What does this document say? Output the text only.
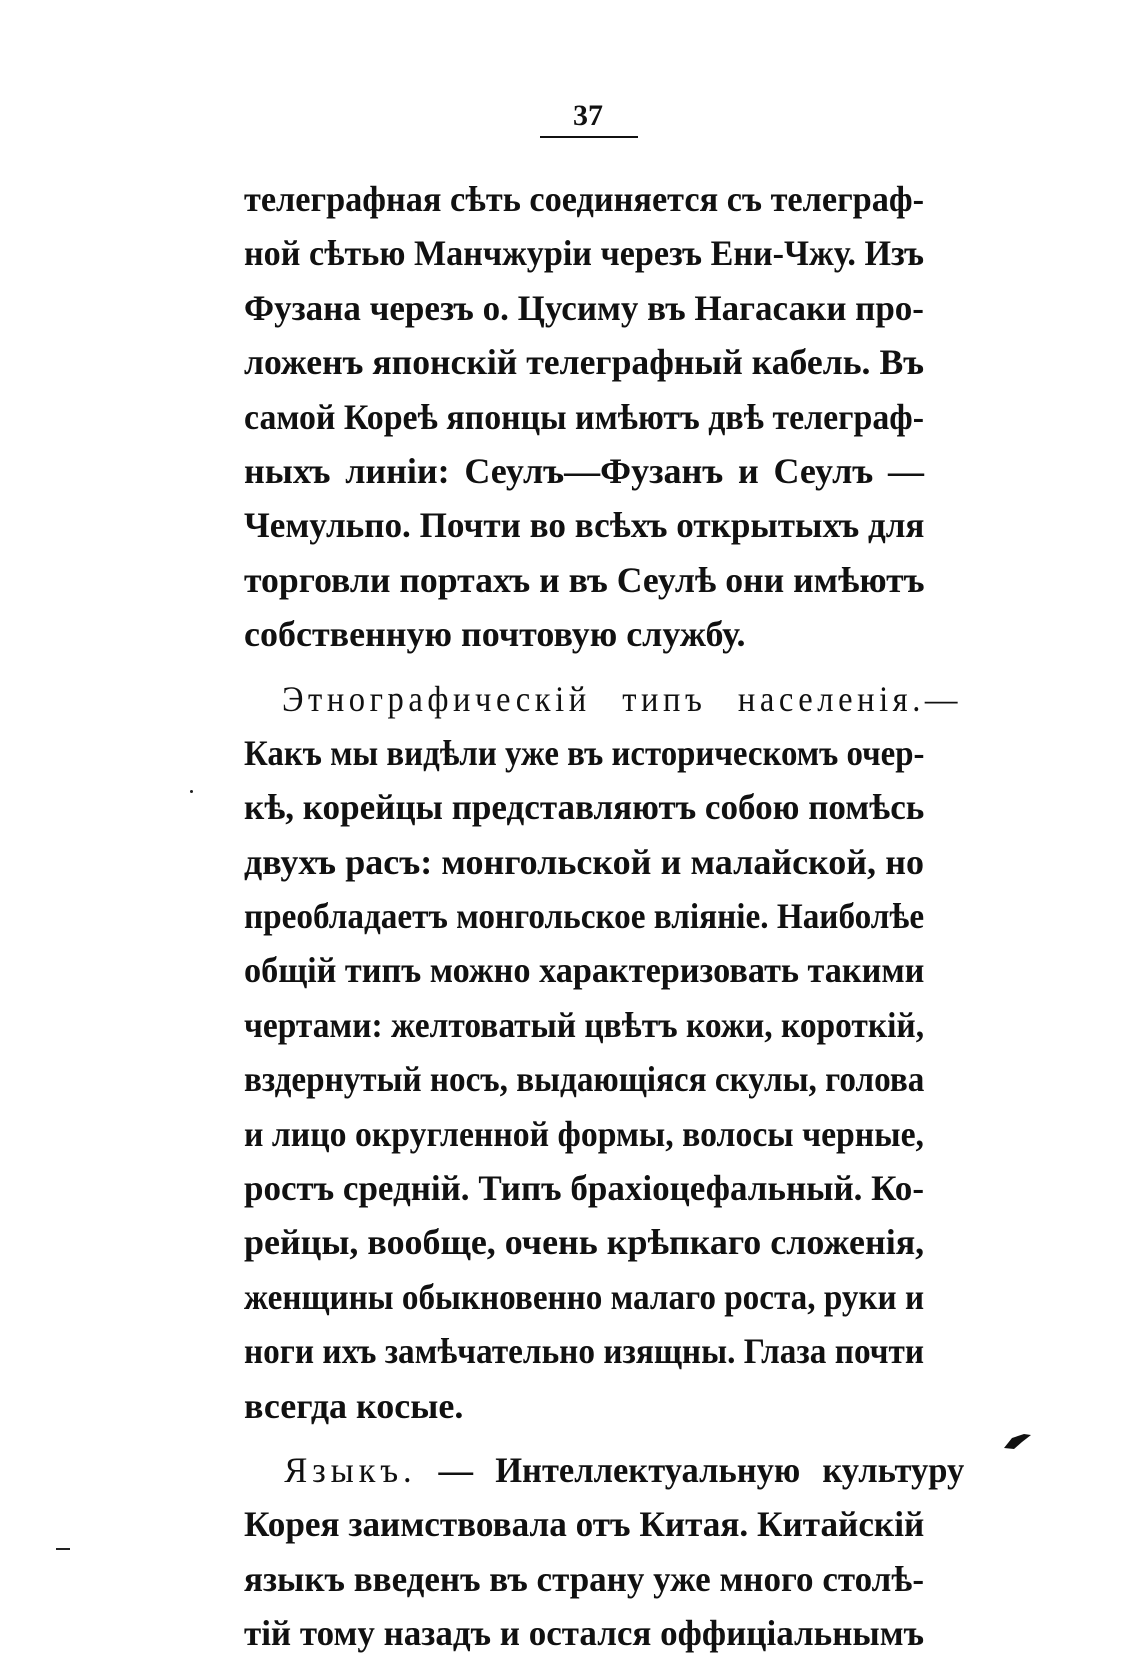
37
телеграфная сѣть соединяется съ телеграф-
ной сѣтью Манчжуріи черезъ Ени-Чжу. Изъ
Фузана черезъ о. Цусиму въ Нагасаки про-
ложенъ японскій телеграфный кабель. Въ
самой Кореѣ японцы имѣютъ двѣ телеграф-
ныхъ линіи: Сеулъ—Фузанъ и Сеулъ —
Чемульпо. Почти во всѣхъ открытыхъ для
торговли портахъ и въ Сеулѣ они имѣютъ
собственную почтовую службу.
Этнографическій типъ населенія.—
Какъ мы видѣли уже въ историческомъ очер-
кѣ, корейцы представляютъ собою помѣсь
двухъ расъ: монгольской и малайской, но
преобладаетъ монгольское вліяніе. Наиболѣе
общій типъ можно характеризовать такими
чертами: желтоватый цвѣтъ кожи, короткій,
вздернутый носъ, выдающіяся скулы, голова
и лицо округленной формы, волосы черные,
ростъ средній. Типъ брахіоцефальный. Ко-
рейцы, вообще, очень крѣпкаго сложенія,
женщины обыкновенно малаго роста, руки и
ноги ихъ замѣчательно изящны. Глаза почти
всегда косые.
Языкъ. — Интеллектуальную культуру
Корея заимствовала отъ Китая. Китайскій
языкъ введенъ въ страну уже много столѣ-
тій тому назадъ и остался оффиціальнымъ
